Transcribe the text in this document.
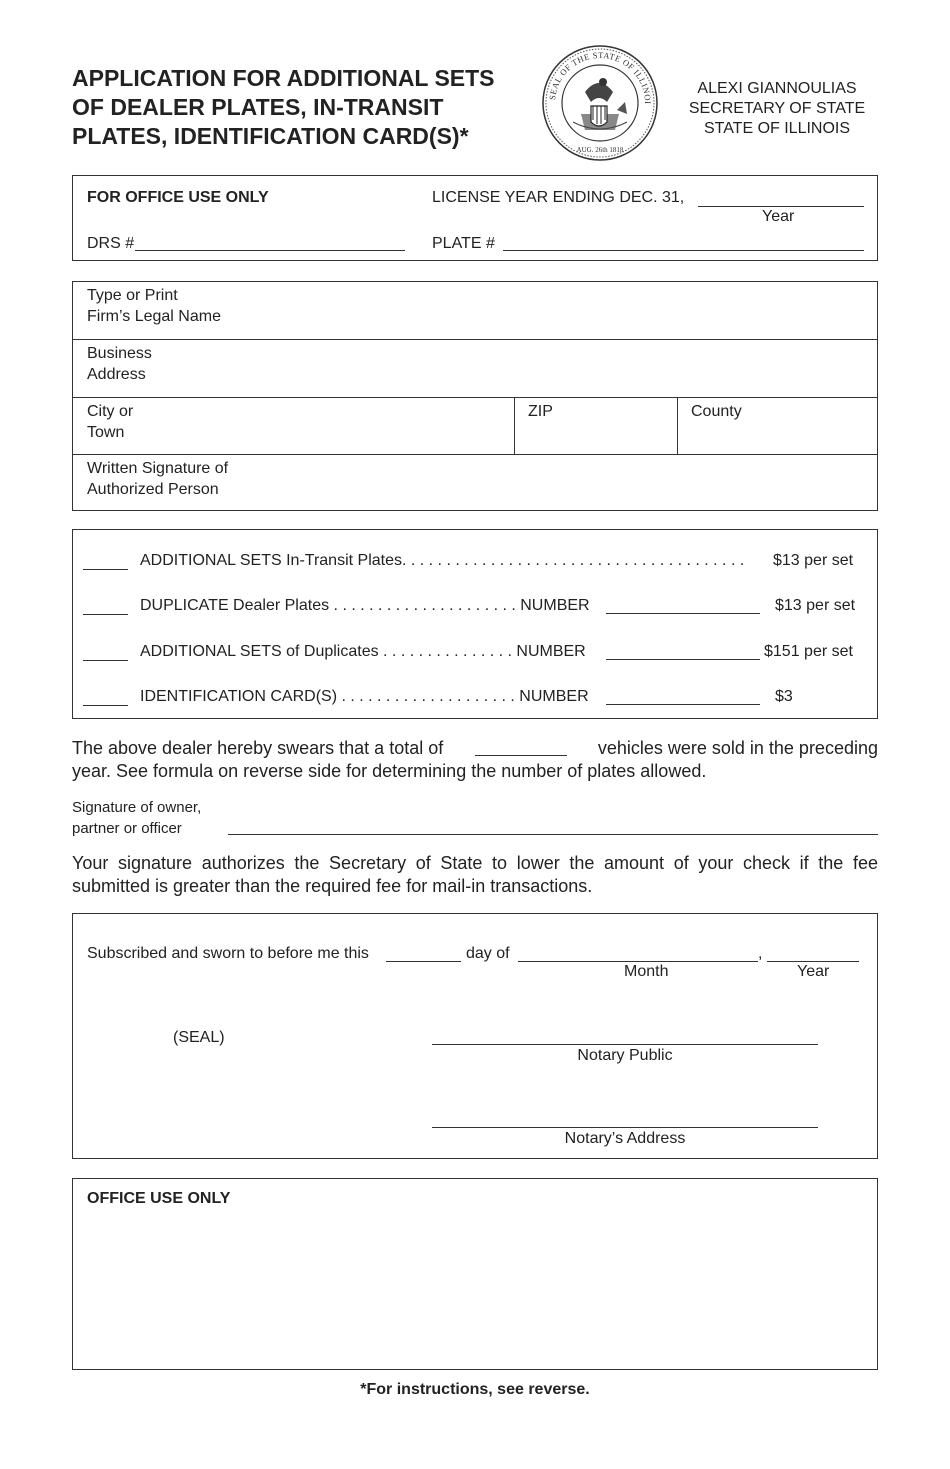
APPLICATION FOR ADDITIONAL SETS
OF DEALER PLATES, IN-TRANSIT
PLATES, IDENTIFICATION CARD(S)*
SEAL OF THE STATE OF ILLINOI
AUG. 26th 1818
ALEXI GIANNOULIAS
SECRETARY OF STATE
STATE OF ILLINOIS
FOR OFFICE USE ONLY	LICENSE YEAR ENDING DEC. 31,
Year
DRS #	PLATE #
Type or Print
Firm’s Legal Name
Business
Address
City or
Town
ZIP	County
Written Signature of
Authorized Person
ADDITIONAL SETS In-Transit Plates. . . . . . . . . . . . . . . . . . . . . . . . . . . . . . . . . . . . . . . $13 per set
DUPLICATE Dealer Plates . . . . . . . . . . . . . . . . . . . . . NUMBER	$13 per set
ADDITIONAL SETS of Duplicates . . . . . . . . . . . . . . . NUMBER	$151 per set
IDENTIFICATION CARD(S) . . . . . . . . . . . . . . . . . . . . NUMBER	$3
The above dealer hereby swears that a total of	vehicles were sold in the preceding
year. See formula on reverse side for determining the number of plates allowed.
Signature of owner,
partner or officer
Your signature authorizes the Secretary of State to lower the amount of your check if the fee submitted is greater than the required fee for mail-in transactions.
Subscribed and sworn to before me this	day of	,
Month	Year
(SEAL)
Notary Public
Notary’s Address
OFFICE USE ONLY
*For instructions, see reverse.
